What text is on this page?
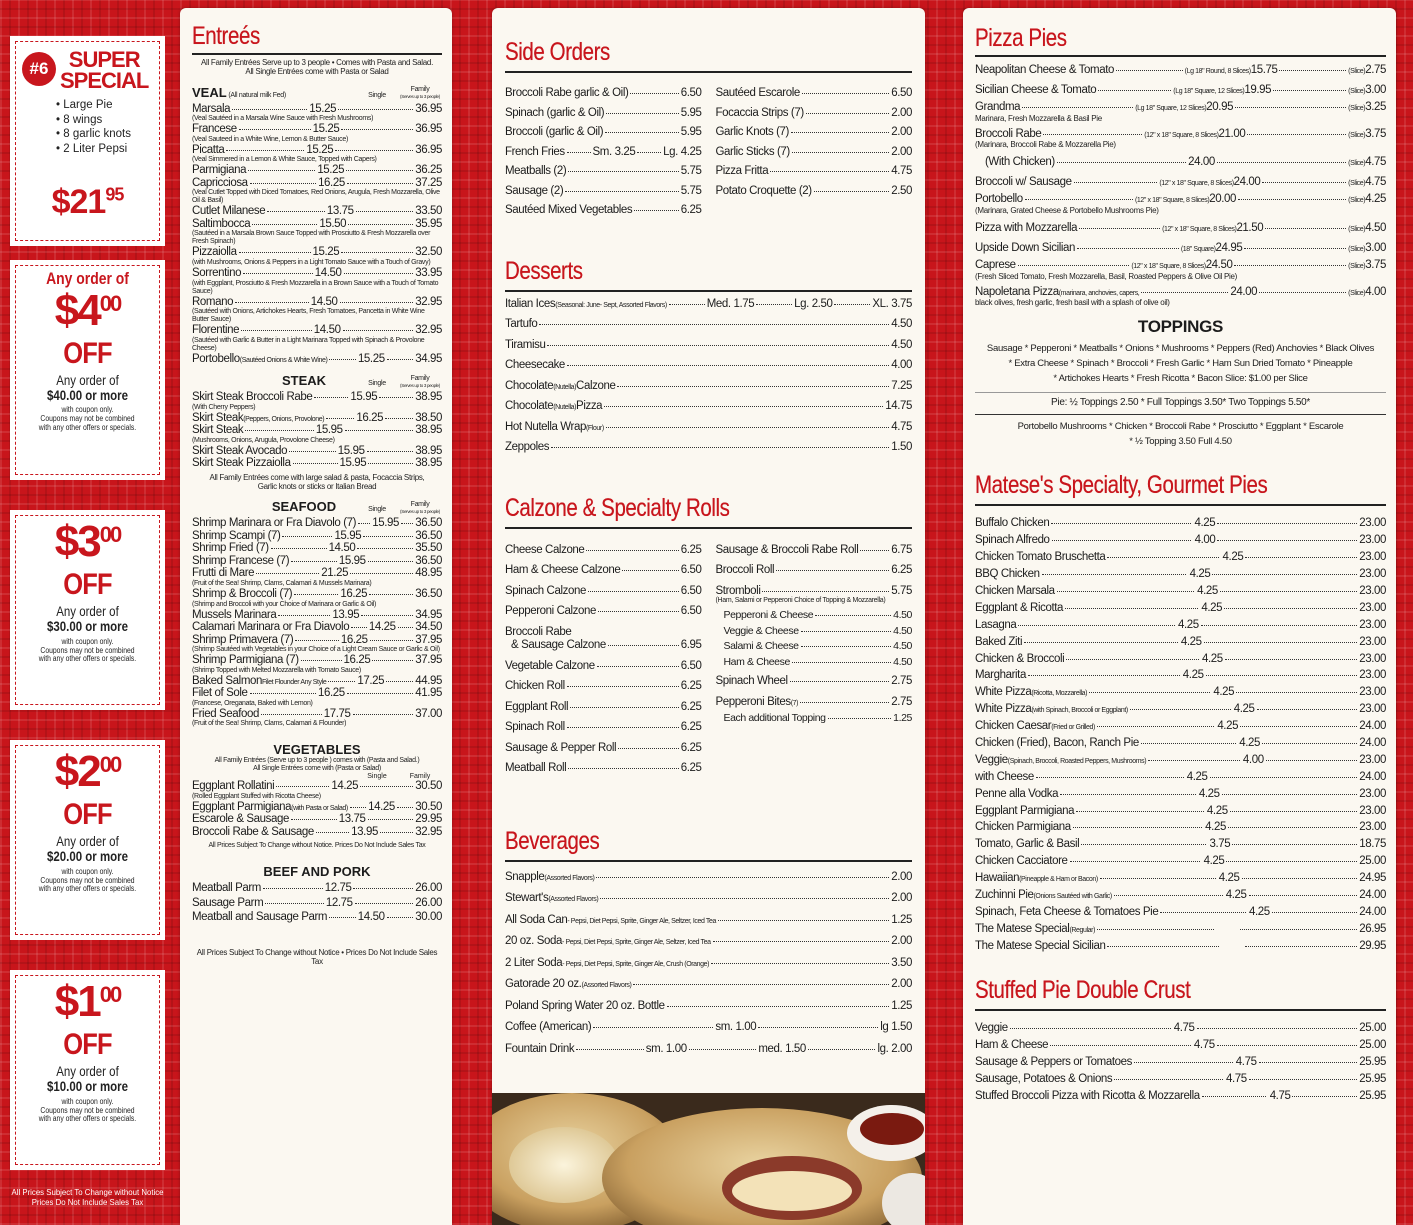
#6 SUPER
SPECIAL
• Large Pie
• 8 wings
• 8 garlic knots
• 2 Liter Pepsi
$\$21^{95}$
Any order of
$\$4^{00}$
OFF
Any order of
$40.00 or more
with coupon only.
Coupons may not be combined
with any other offers or specials.
$\$3^{00}$
OFF
Any order of
$30.00 or more
with coupon only.
Coupons may not be combined
with any other offers or specials.
$\$2^{00}$
OFF
Any order of
$20.00 or more
with coupon only.
Coupons may not be combined
with any other offers or specials.
$\$1^{00}$
OFF
Any order of
$10.00 or more
with coupon only.
Coupons may not be combined
with any other offers or specials.
All Prices Subject To Change without Notice
Prices Do Not Include Sales Tax
Entreés
All Family Entrées Serve up to 3 people • Comes with Pasta and Salad.
All Single Entrées come with Pasta or Salad
VEAL (All natural milk Fed)	Single
Family
(Serves up to 3 people)
Marsala	15.25	36.95
(Veal Sautéed in a Marsala Wine Sauce with Fresh Mushrooms)
Francese	15.25	36.95
(Veal Sauteed in a White Wine, Lemon & Butter Sauce)
Picatta	15.25	36.95
(Veal Simmered in a Lemon & White Sauce, Topped with Capers)
Parmigiana	15.25	36.25
Capricciosa	16.25	37.25
(Veal Cutlet Topped with Diced Tomatoes, Red Onions, Arugula, Fresh Mozzarella, Olive Oil & Basil)
Cutlet Milanese	13.75	33.50
Saltimbocca	15.50	35.95
(Sautéed in a Marsala Brown Sauce Topped with Prosciutto & Fresh Mozzarella over Fresh Spinach)
Pizzaiolla	15.25	32.50
(with Mushrooms, Onions & Peppers in a Light Tomato Sauce with a Touch of Gravy)
Sorrentino	14.50	33.95
(with Eggplant, Prosciutto & Fresh Mozzarella in a Brown Sauce with a Touch of Tomato Sauce)
Romano	14.50	32.95
(Sautéed with Onions, Artichokes Hearts, Fresh Tomatoes, Pancetta in White Wine Butter Sauce)
Florentine	14.50	32.95
(Sautéed with Garlic & Butter in a Light Marinara Topped with Spinach & Provolone Cheese)
Portobello (Sautéed Onions & White Wine)	15.25	34.95
STEAK	Single
Family
(Serves up to 3 people)
Skirt Steak Broccoli Rabe	15.95	38.95
(With Cherry Peppers)
Skirt Steak (Peppers, Onions, Provolone)	16.25	38.50
Skirt Steak	15.95	38.95
(Mushrooms, Onions, Arugula, Provolone Cheese)
Skirt Steak Avocado	15.95	38.95
Skirt Steak Pizzaiolla	15.95	38.95
All Family Entrées come with large salad & pasta, Focaccia Strips, Garlic knots or sticks or Italian Bread
SEAFOOD	Single
Family
(Serves up to 3 people)
Shrimp Marinara or Fra Diavolo (7) 15.95 36.50
Shrimp Scampi (7)	15.95	36.50
Shrimp Fried (7)	14.50	35.50
Shrimp Francese (7)	15.95	36.50
Frutti di Mare	21.25	48.95
(Fruit of the Sea! Shrimp, Clams, Calamari & Mussels Marinara)
Shrimp & Broccoli (7)	16.25	36.50
(Shrimp and Broccoli with your Choice of Marinara or Garlic & Oil)
Mussels Marinara	13.95	34.95
Calamari Marinara or Fra Diavolo 14.25 34.50
Shrimp Primavera (7)	16.25	37.95
(Shrimp Sautéed with Vegetables in your Choice of a Light Cream Sauce or Garlic & Oil)
Shrimp Parmigiana (7)	16.25	37.95
(Shrimp Topped with Melted Mozzarella with Tomato Sauce)
Baked Salmon Filet Flounder Any Style	17.25	44.95
Filet of Sole	16.25	41.95
(Francese, Oreganata, Baked with Lemon)
Fried Seafood	17.75	37.00
(Fruit of the Sea! Shrimp, Clams, Calamari & Flounder)
VEGETABLES
All Family Entrées (Serve up to 3 people ) comes with (Pasta and Salad.)
All Single Entrées come with (Pasta or Salad)
Single	Family
Eggplant Rollatini	14.25	30.50
(Rolled Eggplant Stuffed with Ricotta Cheese)
Eggplant Parmigiana (with Pasta or Salad) 14.25 30.50
Escarole & Sausage	13.75	29.95
Broccoli Rabe & Sausage	13.95	32.95
All Prices Subject To Change without Notice. Prices Do Not Include Sales Tax
BEEF AND PORK
Meatball Parm	12.75	26.00
Sausage Parm	12.75	26.00
Meatball and Sausage Parm	14.50	30.00
All Prices Subject To Change without Notice • Prices Do Not Include Sales Tax
Side Orders
Broccoli Rabe garlic & Oil)	6.50
Spinach (garlic & Oil)	5.95
Broccoli (garlic & Oil)	5.95
French Fries Sm. 3.25 Lg. 4.25
Meatballs (2)	5.75
Sausage (2)	5.75
Sautéed Mixed Vegetables	6.25
Sautéed Escarole	6.50
Focaccia Strips (7)	2.00
Garlic Knots (7)	2.00
Garlic Sticks (7)	2.00
Pizza Fritta	4.75
Potato Croquette (2)	2.50
Desserts
Italian Ices (Seasonal: June- Sept, Assorted Flavors)	Med. 1.75	Lg. 2.50	XL. 3.75
Tartufo	4.50
Tiramisu	4.50
Cheesecake	4.00
Chocolate (Nutella) Calzone	7.25
Chocolate (Nutella) Pizza	14.75
Hot Nutella Wrap (Flour)	4.75
Zeppoles	1.50
Calzone & Specialty Rolls
Cheese Calzone	6.25
Ham & Cheese Calzone	6.50
Spinach Calzone	6.50
Pepperoni Calzone	6.50
Broccoli Rabe
& Sausage Calzone	6.95
Vegetable Calzone	6.50
Chicken Roll	6.25
Eggplant Roll	6.25
Spinach Roll	6.25
Sausage & Pepper Roll	6.25
Meatball Roll	6.25
Sausage & Broccoli Rabe Roll	6.75
Broccoli Roll	6.25
Stromboli	5.75
(Ham, Salami or Pepperoni Choice of Topping & Mozzarella)
Pepperoni & Cheese	4.50
Veggie & Cheese	4.50
Salami & Cheese	4.50
Ham & Cheese	4.50
Spinach Wheel	2.75
Pepperoni Bites (7)	2.75
Each additional Topping	1.25
Beverages
Snapple (Assorted Flavors)	2.00
Stewart's (Assorted Flavors)	2.00
All Soda Can - Pepsi, Diet Pepsi, Sprite, Ginger Ale, Seltzer, Iced Tea	1.25
20 oz. Soda - Pepsi, Diet Pepsi, Sprite, Ginger Ale, Seltzer, Iced Tea	2.00
2 Liter Soda - Pepsi, Diet Pepsi, Sprite, Ginger Ale, Crush (Orange)	3.50
Gatorade 20 oz. (Assorted Flavors)	2.00
Poland Spring Water 20 oz. Bottle	1.25
Coffee (American)	sm. 1.00	lg 1.50
Fountain Drink	sm. 1.00	med. 1.50	lg. 2.00
Pizza Pies
Neapolitan Cheese & Tomato	(Lg 18" Round, 8 Slices) 15.75	(Slice) 2.75
Sicilian Cheese & Tomato	(Lg 18" Square, 12 Slices) 19.95	(Slice) 3.00
Grandma	(Lg 18" Square, 12 Slices) 20.95	(Slice) 3.25
Marinara, Fresh Mozzarella & Basil Pie
Broccoli Rabe	(12" x 18" Square, 8 Slices) 21.00	(Slice) 3.75
(Marinara, Broccoli Rabe & Mozzarella Pie)
(With Chicken)	24.00	(Slice) 4.75
Broccoli w/ Sausage	(12" x 18" Square, 8 Slices) 24.00	(Slice) 4.75
Portobello	(12" x 18" Square, 8 Slices) 20.00	(Slice) 4.25
(Marinara, Grated Cheese & Portobello Mushrooms Pie)
Pizza with Mozzarella	(12" x 18" Square, 8 Slices) 21.50	(Slice) 4.50
Upside Down Sicilian	(18" Square) 24.95	(Slice) 3.00
Caprese	(12" x 18" Square, 8 Slices) 24.50	(Slice) 3.75
(Fresh Sliced Tomato, Fresh Mozzarella, Basil, Roasted Peppers & Olive Oil Pie)
Napoletana Pizza (marinara, anchovies, capers,	24.00	(Slice) 4.00
black olives, fresh garlic, fresh basil with a splash of olive oil)
TOPPINGS
Sausage * Pepperoni * Meatballs * Onions * Mushrooms * Peppers (Red) Anchovies * Black Olives
* Extra Cheese * Spinach * Broccoli * Fresh Garlic * Ham Sun Dried Tomato * Pineapple
* Artichokes Hearts * Fresh Ricotta * Bacon Slice: $1.00 per Slice
Pie: ½ Toppings 2.50 * Full Toppings 3.50* Two Toppings 5.50*
Portobello Mushrooms * Chicken * Broccoli Rabe * Prosciutto * Eggplant * Escarole
* ½ Topping 3.50 Full 4.50
Matese's Specialty, Gourmet Pies
Buffalo Chicken	4.25	23.00
Spinach Alfredo	4.00	23.00
Chicken Tomato Bruschetta	4.25	23.00
BBQ Chicken	4.25	23.00
Chicken Marsala	4.25	23.00
Eggplant & Ricotta	4.25	23.00
Lasagna	4.25	23.00
Baked Ziti	4.25	23.00
Chicken & Broccoli	4.25	23.00
Margharita	4.25	23.00
White Pizza (Ricotta, Mozzarella)	4.25	23.00
White Pizza (with Spinach, Broccoli or Eggplant)	4.25	23.00
Chicken Caesar (Fried or Grilled)	4.25	24.00
Chicken (Fried), Bacon, Ranch Pie	4.25	24.00
Veggie (Spinach, Broccoli, Roasted Peppers, Mushrooms)	4.00	23.00
with Cheese	4.25	24.00
Penne alla Vodka	4.25	23.00
Eggplant Parmigiana	4.25	23.00
Chicken Parmigiana	4.25	23.00
Tomato, Garlic & Basil	3.75	18.75
Chicken Cacciatore	4.25	25.00
Hawaiian (Pineapple & Ham or Bacon)	4.25	24.95
Zuchinni Pie (Onions Sautéed with Garlic)	4.25	24.00
Spinach, Feta Cheese & Tomatoes Pie	4.25	24.00
The Matese Special (Regular)	26.95
The Matese Special Sicilian	29.95
Stuffed Pie Double Crust
Veggie	4.75	25.00
Ham & Cheese	4.75	25.00
Sausage & Peppers or Tomatoes	4.75	25.95
Sausage, Potatoes & Onions	4.75	25.95
Stuffed Broccoli Pizza with Ricotta & Mozzarella	4.75	25.95
